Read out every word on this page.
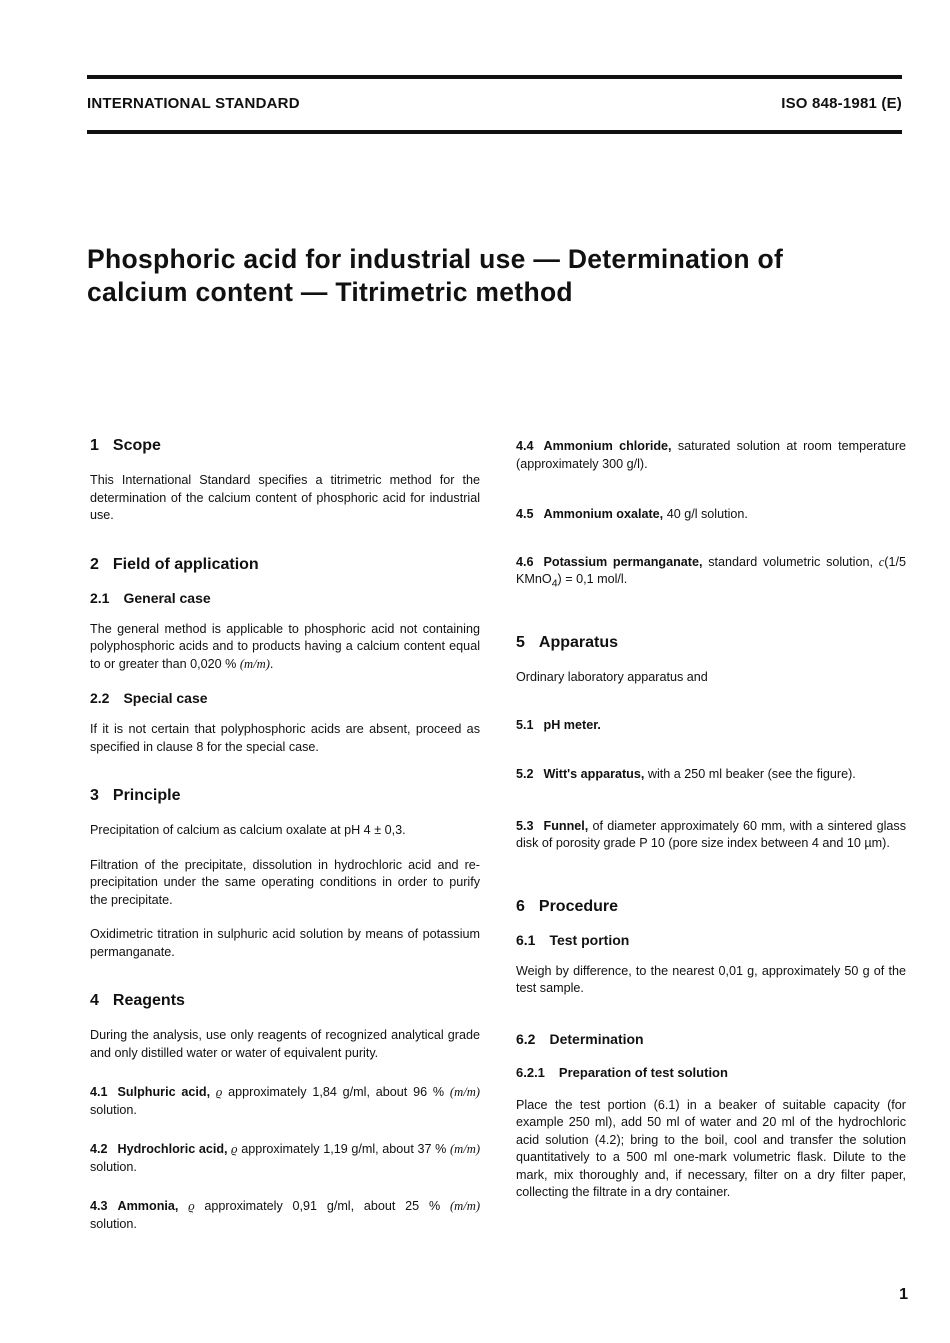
INTERNATIONAL STANDARD	ISO 848-1981 (E)
Phosphoric acid for industrial use — Determination of
calcium content — Titrimetric method
1 Scope

This International Standard specifies a titrimetric method for the determination of the calcium content of phosphoric acid for industrial use.

2 Field of application
2.1 General case

The general method is applicable to phosphoric acid not containing polyphosphoric acids and to products having a calcium content equal to or greater than 0,020 % (m/m).

2.2 Special case

If it is not certain that polyphosphoric acids are absent, proceed as specified in clause 8 for the special case.

3 Principle

Precipitation of calcium as calcium oxalate at pH 4 ± 0,3.

Filtration of the precipitate, dissolution in hydrochloric acid and re-precipitation under the same operating conditions in order to purify the precipitate.

Oxidimetric titration in sulphuric acid solution by means of potassium permanganate.

4 Reagents

During the analysis, use only reagents of recognized analytical grade and only distilled water or water of equivalent purity.

4.1 Sulphuric acid, ϱ approximately 1,84 g/ml, about 96 % (m/m) solution.

4.2 Hydrochloric acid, ϱ approximately 1,19 g/ml, about 37 % (m/m) solution.

4.3 Ammonia, ϱ approximately 0,91 g/ml, about 25 % (m/m) solution.

4.4 Ammonium chloride, saturated solution at room temperature (approximately 300 g/l).

4.5 Ammonium oxalate, 40 g/l solution.

4.6 Potassium permanganate, standard volumetric solution, c(1/5 KMnO$_4$) = 0,1 mol/l.

5 Apparatus

Ordinary laboratory apparatus and

5.1 pH meter.

5.2 Witt's apparatus, with a 250 ml beaker (see the figure).

5.3 Funnel, of diameter approximately 60 mm, with a sintered glass disk of porosity grade P 10 (pore size index between 4 and 10 µm).

6 Procedure
6.1 Test portion

Weigh by difference, to the nearest 0,01 g, approximately 50 g of the test sample.

6.2 Determination
6.2.1 Preparation of test solution

Place the test portion (6.1) in a beaker of suitable capacity (for example 250 ml), add 50 ml of water and 20 ml of the hydrochloric acid solution (4.2); bring to the boil, cool and transfer the solution quantitatively to a 500 ml one-mark volumetric flask. Dilute to the mark, mix thoroughly and, if necessary, filter on a dry filter paper, collecting the filtrate in a dry container.

1
